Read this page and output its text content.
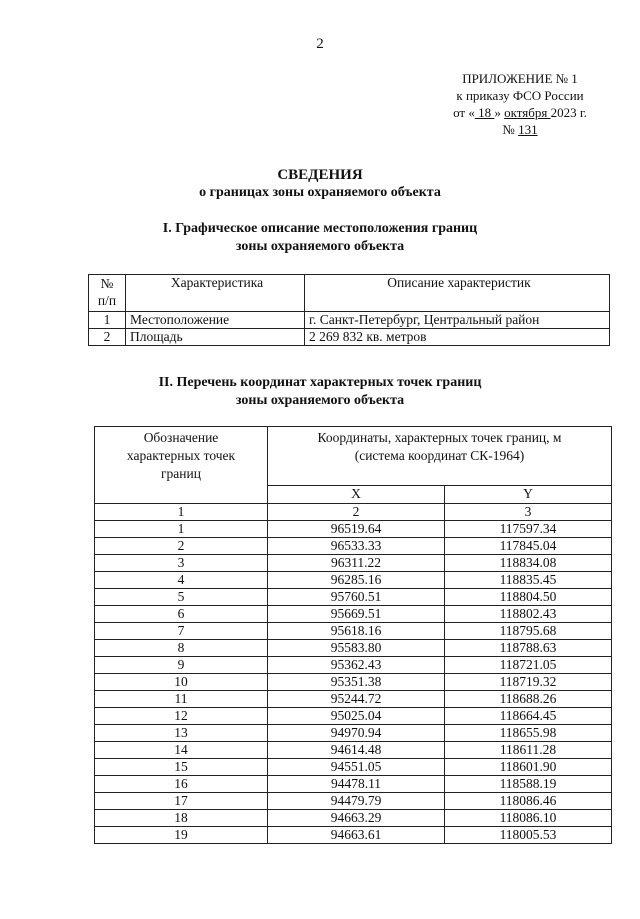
2
ПРИЛОЖЕНИЕ № 1
к приказу ФСО России
от « 18 » октября 2023 г.
№ 131
СВЕДЕНИЯ
о границах зоны охраняемого объекта
I. Графическое описание местоположения границ
зоны охраняемого объекта
№
п/п	Характеристика	Описание характеристик
1	Местоположение	г. Санкт-Петербург, Центральный район
2	Площадь	2 269 832 кв. метров
II. Перечень координат характерных точек границ
зоны охраняемого объекта
Обозначение
характерных точек
границ	Координаты, характерных точек границ, м
(система координат СК-1964)	
	X	Y
1	2	3
1	96519.64	117597.34
2	96533.33	117845.04
3	96311.22	118834.08
4	96285.16	118835.45
5	95760.51	118804.50
6	95669.51	118802.43
7	95618.16	118795.68
8	95583.80	118788.63
9	95362.43	118721.05
10	95351.38	118719.32
11	95244.72	118688.26
12	95025.04	118664.45
13	94970.94	118655.98
14	94614.48	118611.28
15	94551.05	118601.90
16	94478.11	118588.19
17	94479.79	118086.46
18	94663.29	118086.10
19	94663.61	118005.53
